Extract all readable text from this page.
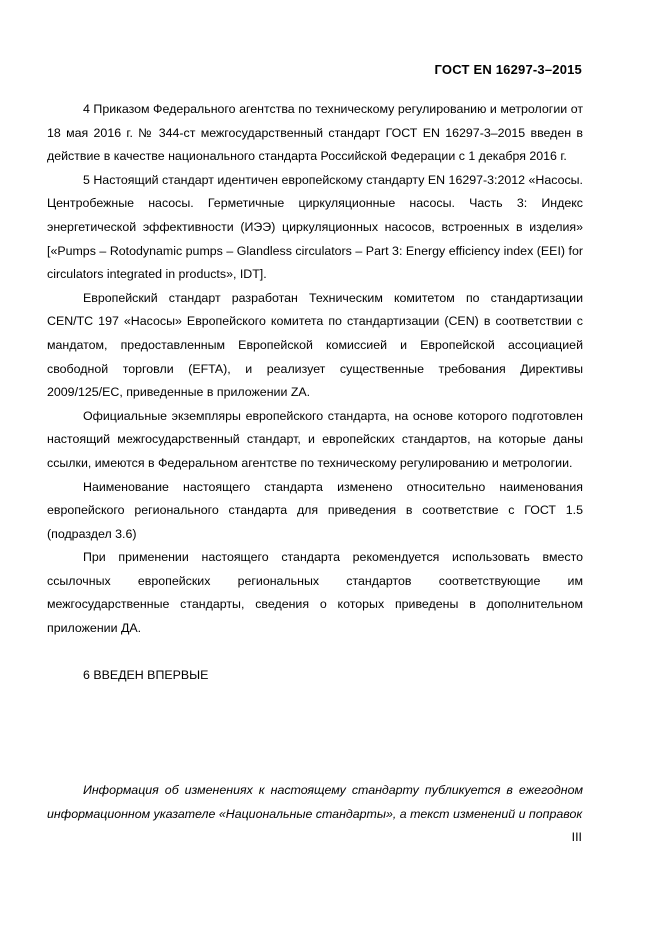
ГОСТ EN 16297-3–2015

4 Приказом Федерального агентства по техническому регулированию и метрологии от 18 мая 2016 г. № 344-ст межгосударственный стандарт ГОСТ EN 16297-3–2015 введен в действие в качестве национального стандарта Российской Федерации с 1 декабря 2016 г.

5 Настоящий стандарт идентичен европейскому стандарту EN 16297-3:2012 «Насосы. Центробежные насосы. Герметичные циркуляционные насосы. Часть 3: Индекс энергетической эффективности (ИЭЭ) циркуляционных насосов, встроенных в изделия» [«Pumps – Rotodynamic pumps – Glandless circulators – Part 3: Energy efficiency index (EEI) for circulators integrated in products», IDT].

Европейский стандарт разработан Техническим комитетом по стандартизации CEN/TC 197 «Насосы» Европейского комитета по стандартизации (CEN) в соответствии с мандатом, предоставленным Европейской комиссией и Европейской ассоциацией свободной торговли (EFTA), и реализует существенные требования Директивы 2009/125/EC, приведенные в приложении ZA.

Официальные экземпляры европейского стандарта, на основе которого подготовлен настоящий межгосударственный стандарт, и европейских стандартов, на которые даны ссылки, имеются в Федеральном агентстве по техническому регулированию и метрологии.

Наименование настоящего стандарта изменено относительно наименования европейского регионального стандарта для приведения в соответствие с ГОСТ 1.5 (подраздел 3.6)

При применении настоящего стандарта рекомендуется использовать вместо ссылочных европейских региональных стандартов соответствующие им межгосударственные стандарты, сведения о которых приведены в дополнительном приложении ДА.

6 ВВЕДЕН ВПЕРВЫЕ

Информация об изменениях к настоящему стандарту публикуется в ежегодном информационном указателе «Национальные стандарты», а текст изменений и поправок

III
